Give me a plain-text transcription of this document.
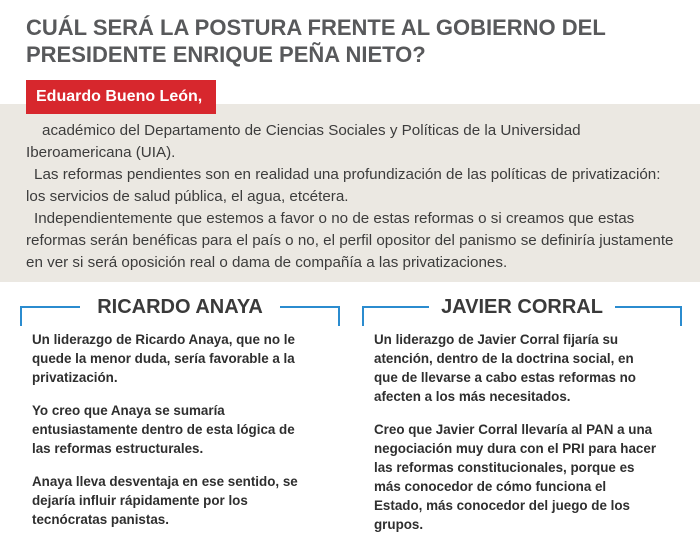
CUÁL SERÁ LA POSTURA FRENTE AL GOBIERNO DEL
PRESIDENTE ENRIQUE PEÑA NIETO?
Eduardo Bueno León,

académico del Departamento de Ciencias Sociales y Políticas de la Universidad Iberoamericana (UIA).

Las reformas pendientes son en realidad una profundización de las políticas de privatización: los servicios de salud pública, el agua, etcétera.

Independientemente que estemos a favor o no de estas reformas o si creamos que estas reformas serán benéficas para el país o no, el perfil opositor del panismo se definiría justamente en ver si será oposición real o dama de compañía a las privatizaciones.

RICARDO ANAYA

Un liderazgo de Ricardo Anaya, que no le quede la menor duda, sería favorable a la privatización.

Yo creo que Anaya se sumaría entusiastamente dentro de esta lógica de las reformas estructurales.

Anaya lleva desventaja en ese sentido, se dejaría influir rápidamente por los tecnócratas panistas.

JAVIER CORRAL

Un liderazgo de Javier Corral fijaría su atención, dentro de la doctrina social, en que de llevarse a cabo estas reformas no afecten a los más necesitados.

Creo que Javier Corral llevaría al PAN a una negociación muy dura con el PRI para hacer las reformas constitucionales, porque es más conocedor de cómo funciona el Estado, más conocedor del juego de los grupos.
